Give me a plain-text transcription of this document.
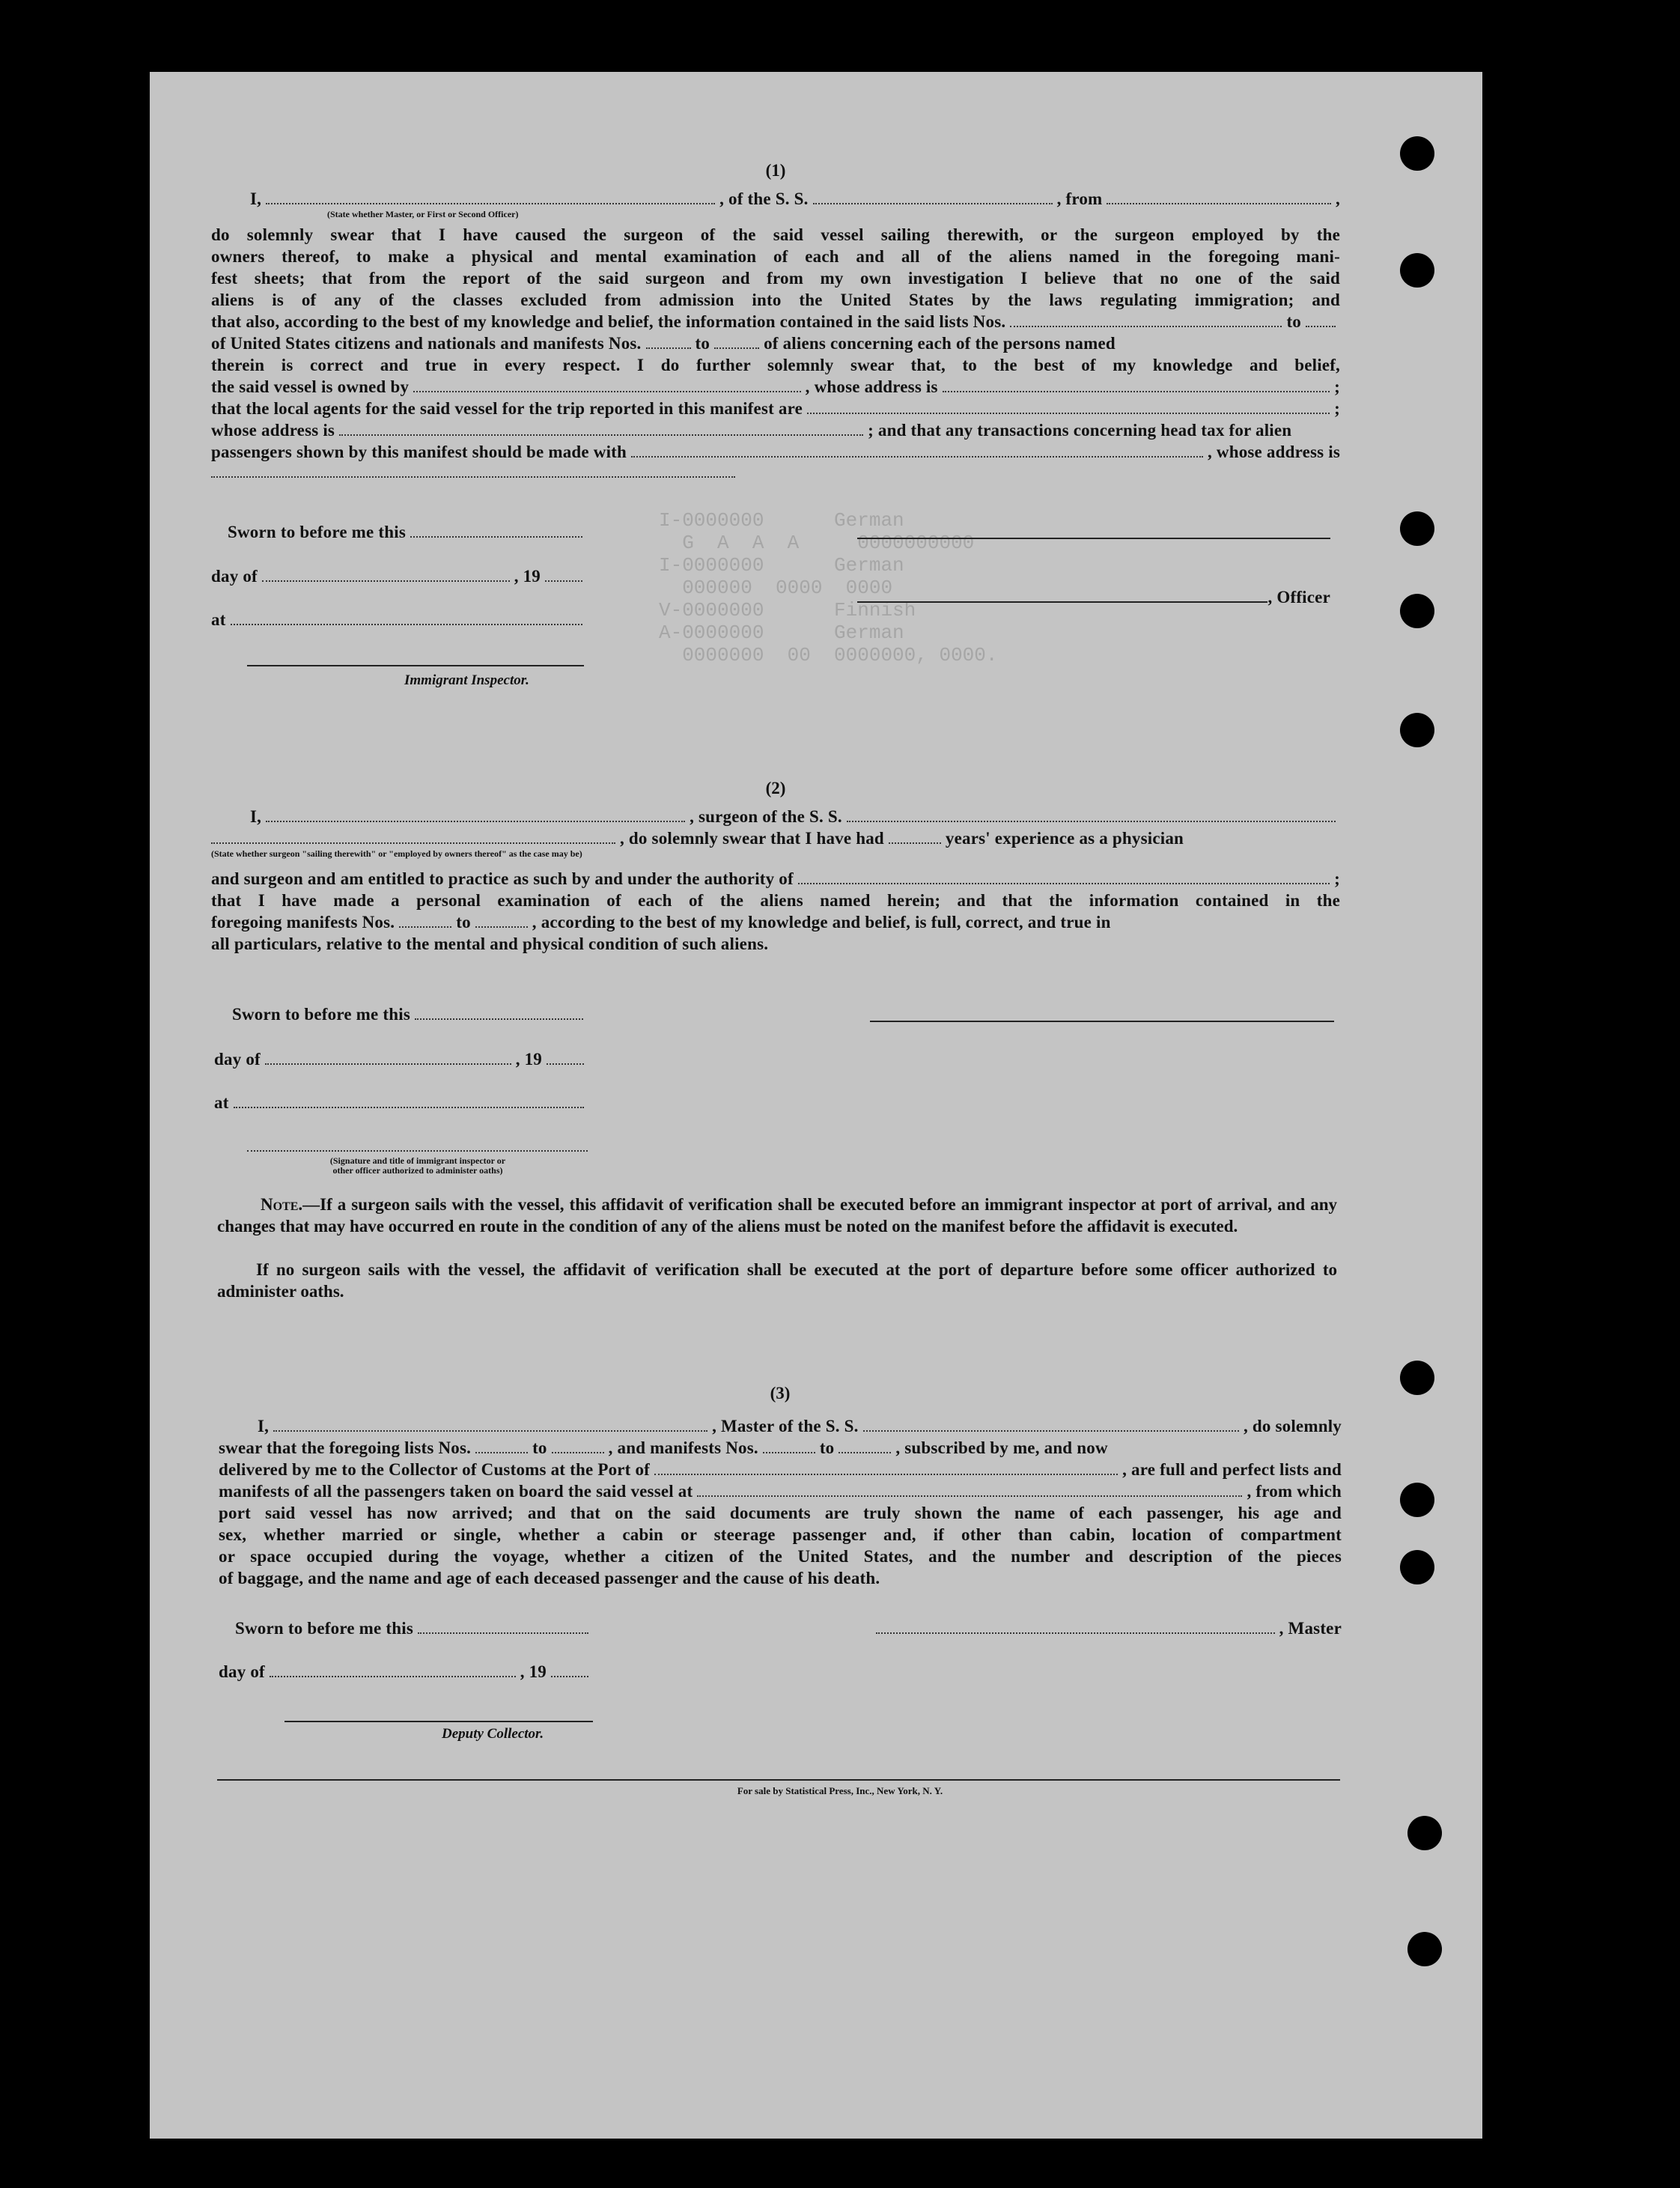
I-0000000      German
G  A  A  A     0000000000
I-0000000      German
000000  0000  0000
V-0000000      Finnish
A-0000000      German
0000000  00  0000000, 0000.
(1)
I,	, of the S. S.	, from	,
(State whether Master, or First or Second Officer)
do solemnly swear that I have caused the surgeon of the said vessel sailing therewith, or the surgeon employed by the
owners thereof, to make a physical and mental examination of each and all of the aliens named in the foregoing mani-
fest sheets; that from the report of the said surgeon and from my own investigation I believe that no one of the said
aliens is of any of the classes excluded from admission into the United States by the laws regulating immigration; and
that also, according to the best of my knowledge and belief, the information contained in the said lists Nos.	to
of United States citizens and nationals and manifests Nos.	to	of aliens concerning each of the persons named
therein is correct and true in every respect. I do further solemnly swear that, to the best of my knowledge and belief,
the said vessel is owned by	, whose address is	;
that the local agents for the said vessel for the trip reported in this manifest are	;
whose address is	; and that any transactions concerning head tax for alien
passengers shown by this manifest should be made with	, whose address is
Sworn to before me this
day of	, 19
, Officer
at
Immigrant Inspector.
(2)
I,	, surgeon of the S. S.
, do solemnly swear that I have had	years' experience as a physician
(State whether surgeon "sailing therewith" or "employed by owners thereof" as the case may be)
and surgeon and am entitled to practice as such by and under the authority of	;
that I have made a personal examination of each of the aliens named herein; and that the information contained in the
foregoing manifests Nos.	to	, according to the best of my knowledge and belief, is full, correct, and true in
all particulars, relative to the mental and physical condition of such aliens.
Sworn to before me this
day of	, 19
at
(Signature and title of immigrant inspector or
other officer authorized to administer oaths)
Note.—If a surgeon sails with the vessel, this affidavit of verification shall be executed before an immigrant inspector at port of arrival, and any changes that may have occurred en route in the condition of any of the aliens must be noted on the manifest before the affidavit is executed.
If no surgeon sails with the vessel, the affidavit of verification shall be executed at the port of departure before some officer authorized to administer oaths.
(3)
I,	, Master of the S. S.	, do solemnly
swear that the foregoing lists Nos.	to	, and manifests Nos.	to	, subscribed by me, and now
delivered by me to the Collector of Customs at the Port of	, are full and perfect lists and
manifests of all the passengers taken on board the said vessel at	, from which
port said vessel has now arrived; and that on the said documents are truly shown the name of each passenger, his age and
sex, whether married or single, whether a cabin or steerage passenger and, if other than cabin, location of compartment
or space occupied during the voyage, whether a citizen of the United States, and the number and description of the pieces
of baggage, and the name and age of each deceased passenger and the cause of his death.
Sworn to before me this	, Master
day of	, 19
Deputy Collector.
For sale by Statistical Press, Inc., New York, N. Y.
